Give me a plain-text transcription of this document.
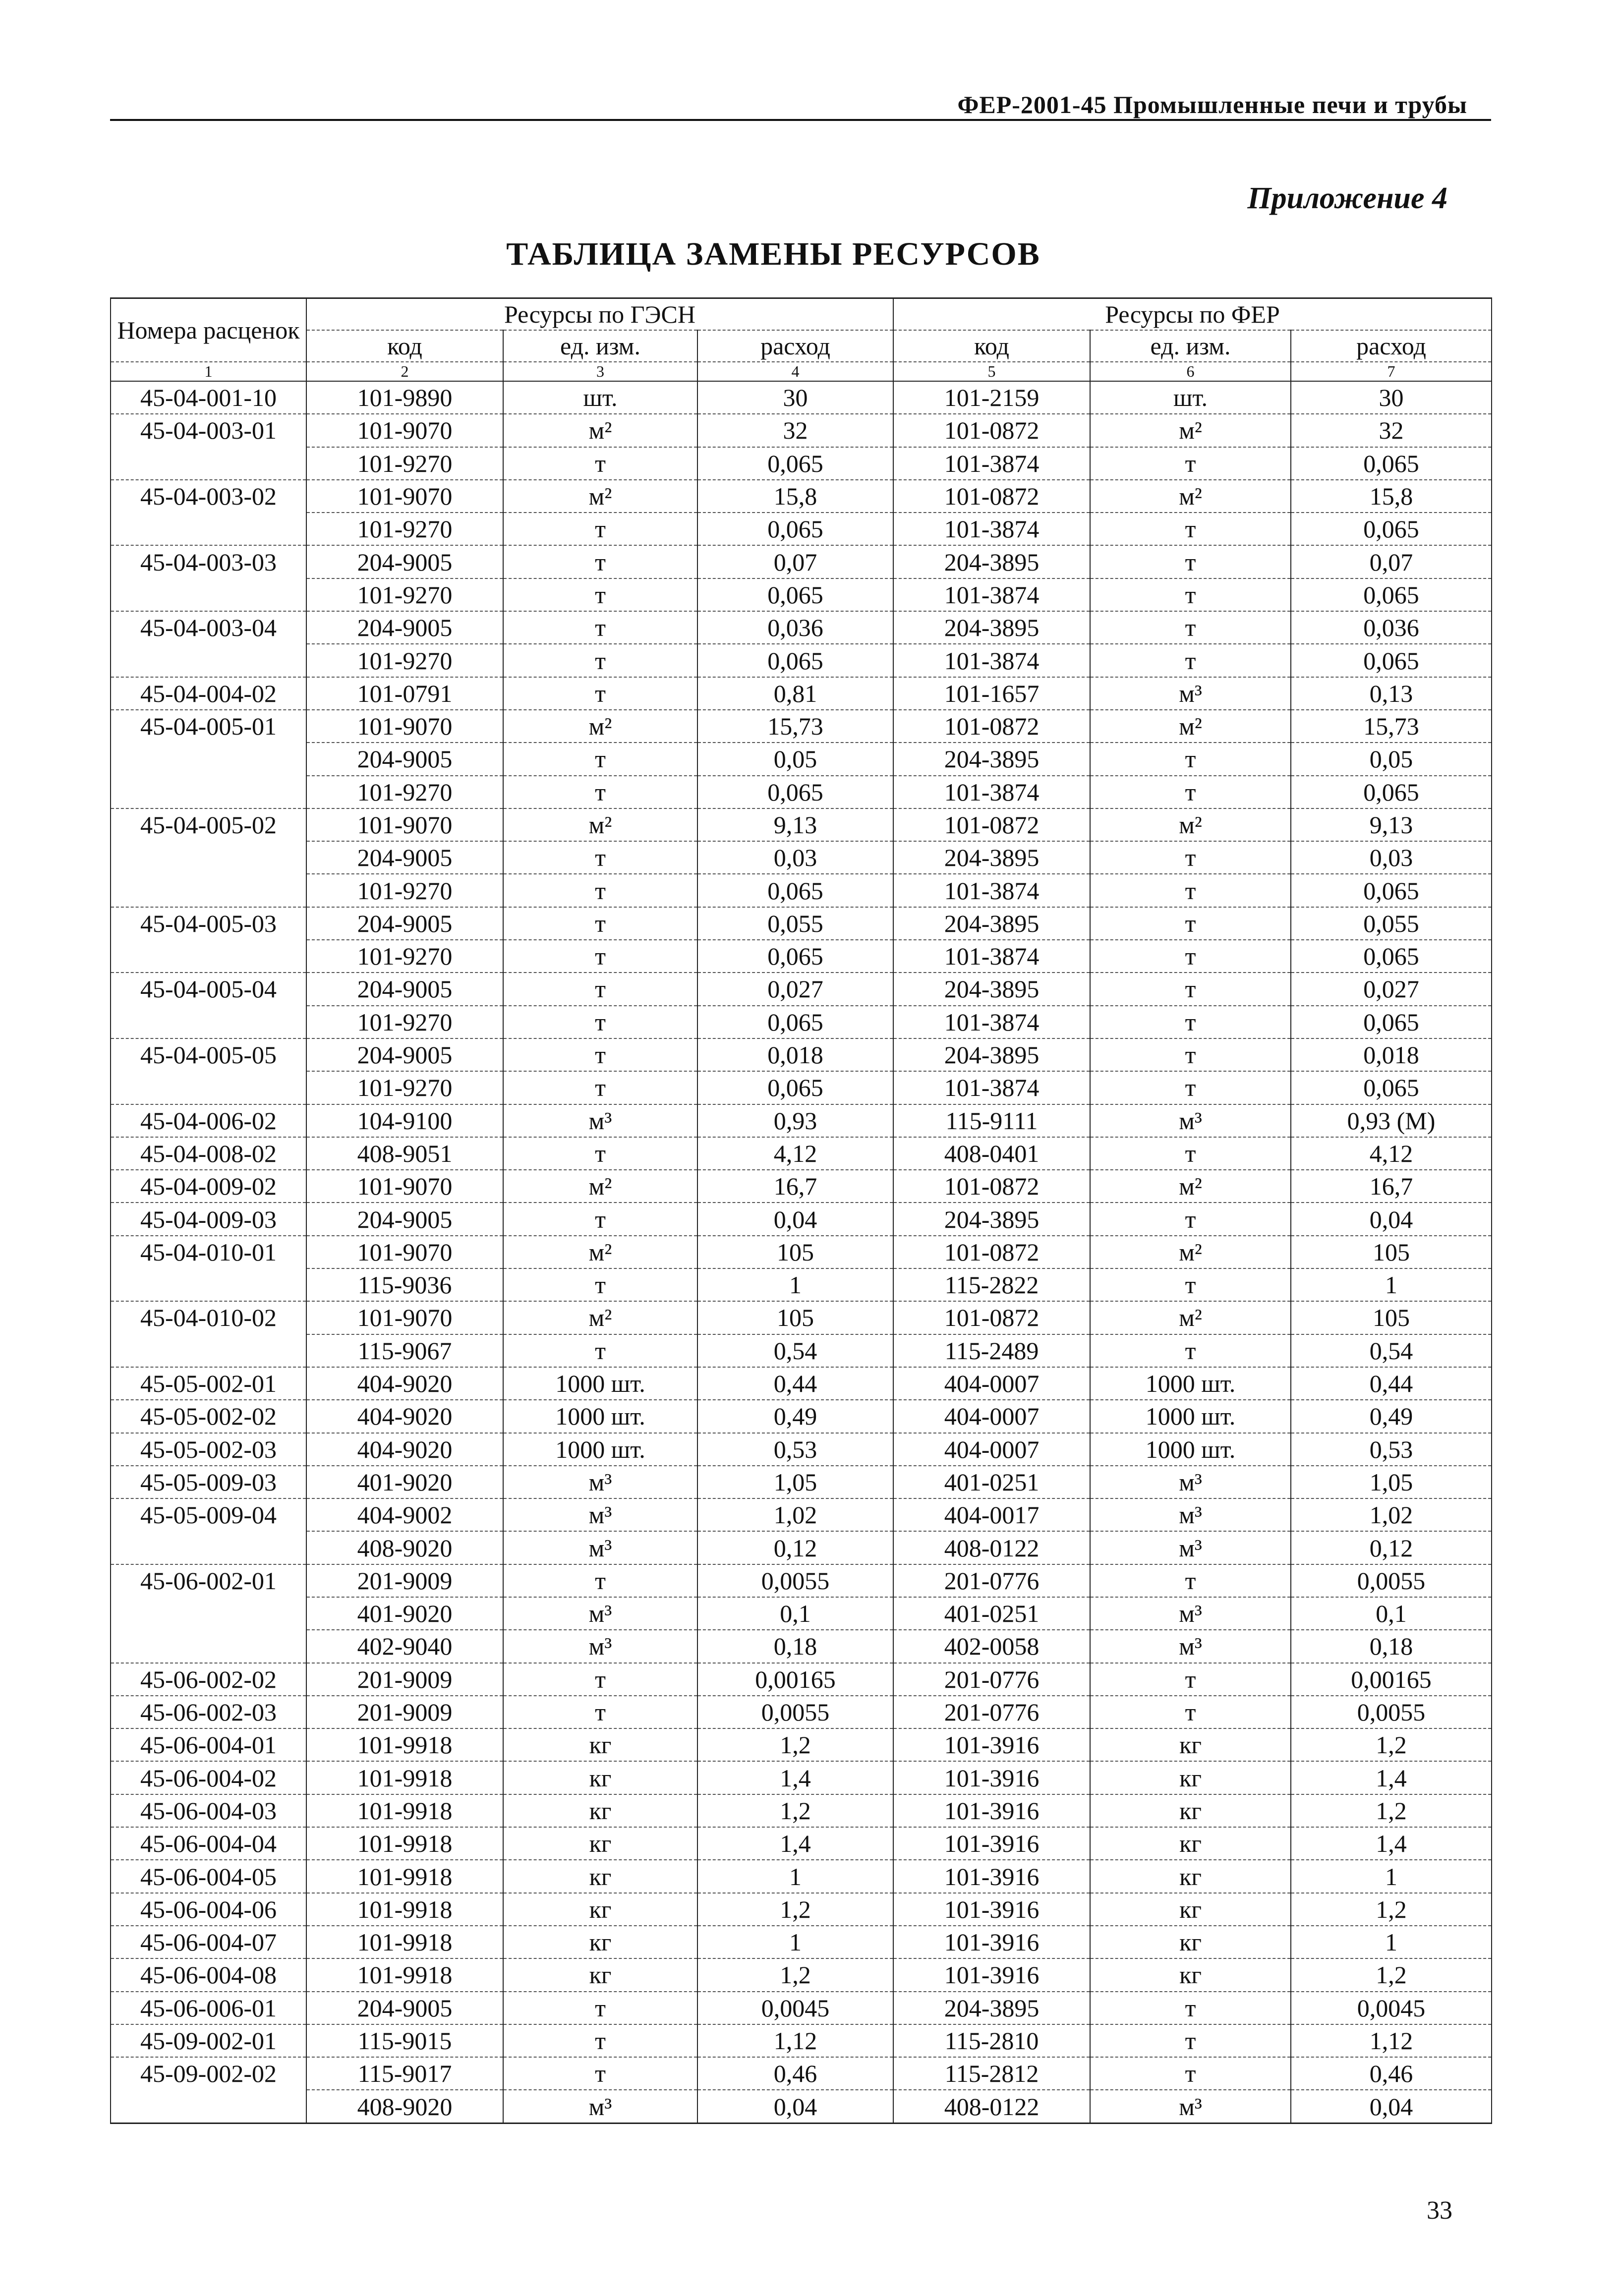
ФЕР-2001-45 Промышленные печи и трубы
Приложение 4
ТАБЛИЦА ЗАМЕНЫ РЕСУРСОВ
Номера расценок	Ресурсы по ГЭСН			Ресурсы по ФЕР		
	код	ед. изм.	расход	код	ед. изм.	расход
1	2	3	4	5	6	7
45-04-001-10	101-9890	шт.	30	101-2159	шт.	30
45-04-003-01	101-9070	м²	32	101-0872	м²	32
	101-9270	т	0,065	101-3874	т	0,065
45-04-003-02	101-9070	м²	15,8	101-0872	м²	15,8
	101-9270	т	0,065	101-3874	т	0,065
45-04-003-03	204-9005	т	0,07	204-3895	т	0,07
	101-9270	т	0,065	101-3874	т	0,065
45-04-003-04	204-9005	т	0,036	204-3895	т	0,036
	101-9270	т	0,065	101-3874	т	0,065
45-04-004-02	101-0791	т	0,81	101-1657	м³	0,13
45-04-005-01	101-9070	м²	15,73	101-0872	м²	15,73
	204-9005	т	0,05	204-3895	т	0,05
	101-9270	т	0,065	101-3874	т	0,065
45-04-005-02	101-9070	м²	9,13	101-0872	м²	9,13
	204-9005	т	0,03	204-3895	т	0,03
	101-9270	т	0,065	101-3874	т	0,065
45-04-005-03	204-9005	т	0,055	204-3895	т	0,055
	101-9270	т	0,065	101-3874	т	0,065
45-04-005-04	204-9005	т	0,027	204-3895	т	0,027
	101-9270	т	0,065	101-3874	т	0,065
45-04-005-05	204-9005	т	0,018	204-3895	т	0,018
	101-9270	т	0,065	101-3874	т	0,065
45-04-006-02	104-9100	м³	0,93	115-9111	м³	0,93 (М)
45-04-008-02	408-9051	т	4,12	408-0401	т	4,12
45-04-009-02	101-9070	м²	16,7	101-0872	м²	16,7
45-04-009-03	204-9005	т	0,04	204-3895	т	0,04
45-04-010-01	101-9070	м²	105	101-0872	м²	105
	115-9036	т	1	115-2822	т	1
45-04-010-02	101-9070	м²	105	101-0872	м²	105
	115-9067	т	0,54	115-2489	т	0,54
45-05-002-01	404-9020	1000 шт.	0,44	404-0007	1000 шт.	0,44
45-05-002-02	404-9020	1000 шт.	0,49	404-0007	1000 шт.	0,49
45-05-002-03	404-9020	1000 шт.	0,53	404-0007	1000 шт.	0,53
45-05-009-03	401-9020	м³	1,05	401-0251	м³	1,05
45-05-009-04	404-9002	м³	1,02	404-0017	м³	1,02
	408-9020	м³	0,12	408-0122	м³	0,12
45-06-002-01	201-9009	т	0,0055	201-0776	т	0,0055
	401-9020	м³	0,1	401-0251	м³	0,1
	402-9040	м³	0,18	402-0058	м³	0,18
45-06-002-02	201-9009	т	0,00165	201-0776	т	0,00165
45-06-002-03	201-9009	т	0,0055	201-0776	т	0,0055
45-06-004-01	101-9918	кг	1,2	101-3916	кг	1,2
45-06-004-02	101-9918	кг	1,4	101-3916	кг	1,4
45-06-004-03	101-9918	кг	1,2	101-3916	кг	1,2
45-06-004-04	101-9918	кг	1,4	101-3916	кг	1,4
45-06-004-05	101-9918	кг	1	101-3916	кг	1
45-06-004-06	101-9918	кг	1,2	101-3916	кг	1,2
45-06-004-07	101-9918	кг	1	101-3916	кг	1
45-06-004-08	101-9918	кг	1,2	101-3916	кг	1,2
45-06-006-01	204-9005	т	0,0045	204-3895	т	0,0045
45-09-002-01	115-9015	т	1,12	115-2810	т	1,12
45-09-002-02	115-9017	т	0,46	115-2812	т	0,46
	408-9020	м³	0,04	408-0122	м³	0,04
33
